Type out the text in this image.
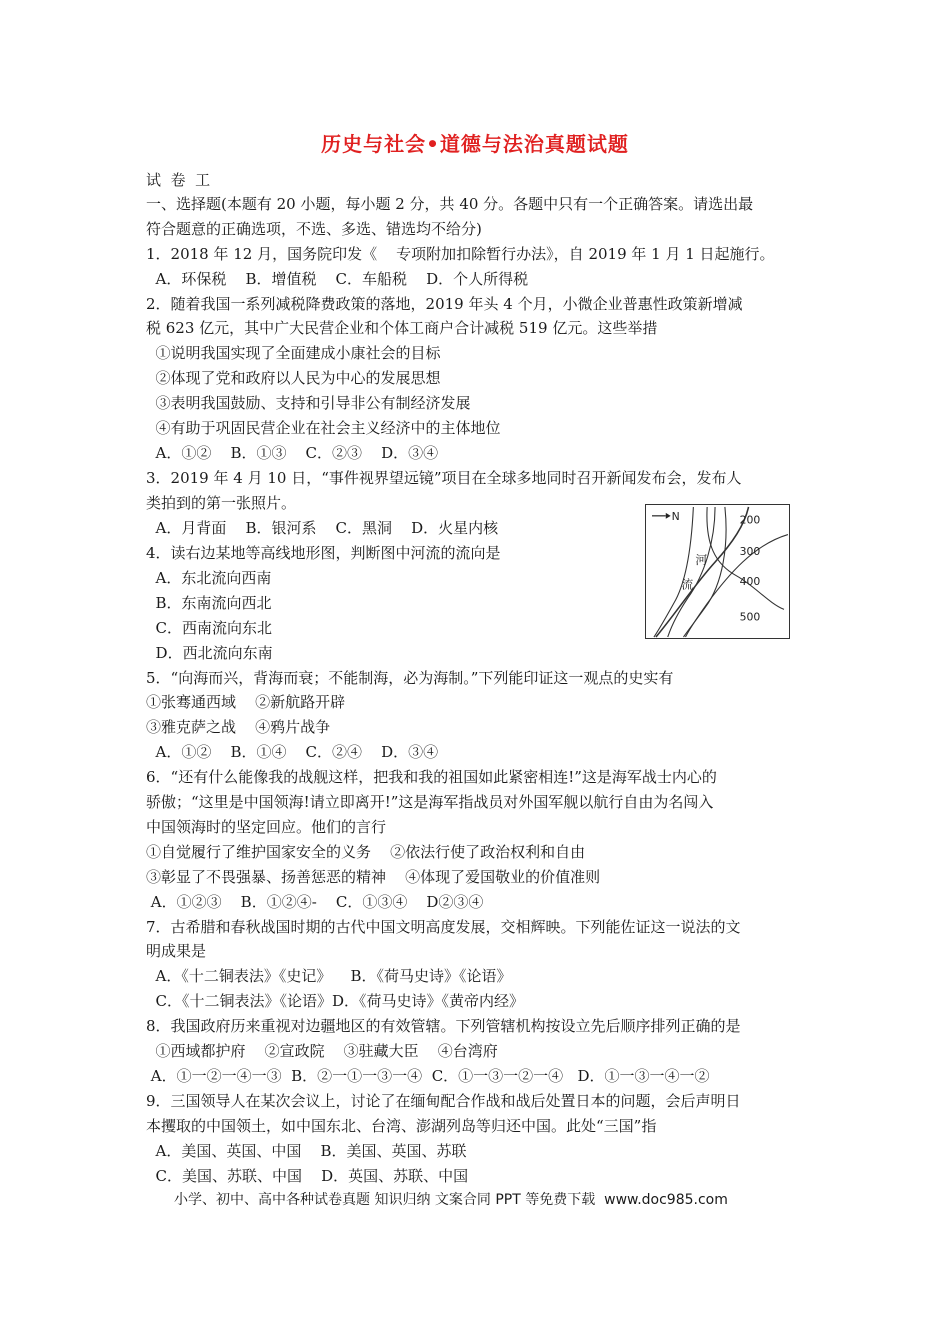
历史与社会•道德与法治真题试题
试  卷  工
一、选择题(本题有 20 小题，每小题 2 分，共 40 分。各题中只有一个正确答案。请选出最
符合题意的正确选项，不选、多选、错选均不给分)
1．2018 年 12 月，国务院印发《    专项附加扣除暂行办法》，自 2019 年 1 月 1 日起施行。
A．环保税    B．增值税    C．车船税    D．个人所得税
2．随着我国一系列减税降费政策的落地，2019 年头 4 个月，小微企业普惠性政策新增减
税 623 亿元，其中广大民营企业和个体工商户合计减税 519 亿元。这些举措
①说明我国实现了全面建成小康社会的目标
②体现了党和政府以人民为中心的发展思想
③表明我国鼓励、支持和引导非公有制经济发展
④有助于巩固民营企业在社会主义经济中的主体地位
A．①②    B．①③    C．②③    D．③④
3．2019 年 4 月 10 日，“事件视界望远镜”项目在全球多地同时召开新闻发布会，发布人
类拍到的第一张照片。
A．月背面    B．银河系    C．黑洞    D．火星内核
4．读右边某地等高线地形图，判断图中河流的流向是
A．东北流向西南
B．东南流向西北
C．西南流向东北
D．西北流向东南
5．“向海而兴，背海而衰；不能制海，必为海制。”下列能印证这一观点的史实有
①张骞通西域    ②新航路开辟
③雅克萨之战    ④鸦片战争
A．①②    B．①④    C．②④    D．③④
6．“还有什么能像我的战舰这样，把我和我的祖国如此紧密相连!”这是海军战士内心的
骄傲；“这里是中国领海!请立即离开!”这是海军指战员对外国军舰以航行自由为名闯入
中国领海时的坚定回应。他们的言行
①自觉履行了维护国家安全的义务    ②依法行使了政治权利和自由
③彰显了不畏强暴、扬善惩恶的精神    ④体现了爱国敬业的价值准则
A．①②③    B．①②④-    C．①③④    D②③④
7．古希腊和春秋战国时期的古代中国文明高度发展，交相辉映。下列能佐证这一说法的文
明成果是
A．《十二铜表法》《史记》    B．《荷马史诗》《论语》
C．《十二铜表法》《论语》D．《荷马史诗》《黄帝内经》
8．我国政府历来重视对边疆地区的有效管辖。下列管辖机构按设立先后顺序排列正确的是
①西域都护府    ②宣政院    ③驻藏大臣    ④台湾府
A．①一②一④一③  B．②一①一③一④  C．①一③一②一④   D．①一③一④一②
9．三国领导人在某次会议上，讨论了在缅甸配合作战和战后处置日本的问题，会后声明日
本攫取的中国领土，如中国东北、台湾、澎湖列岛等归还中国。此处“三国”指
A．美国、英国、中国    B．美国、英国、苏联
C．美国、苏联、中国    D．英国、苏联、中国
N
河
流
200
300
400
500
小学、初中、高中各种试卷真题 知识归纳 文案合同 PPT 等免费下载  www.doc985.com
